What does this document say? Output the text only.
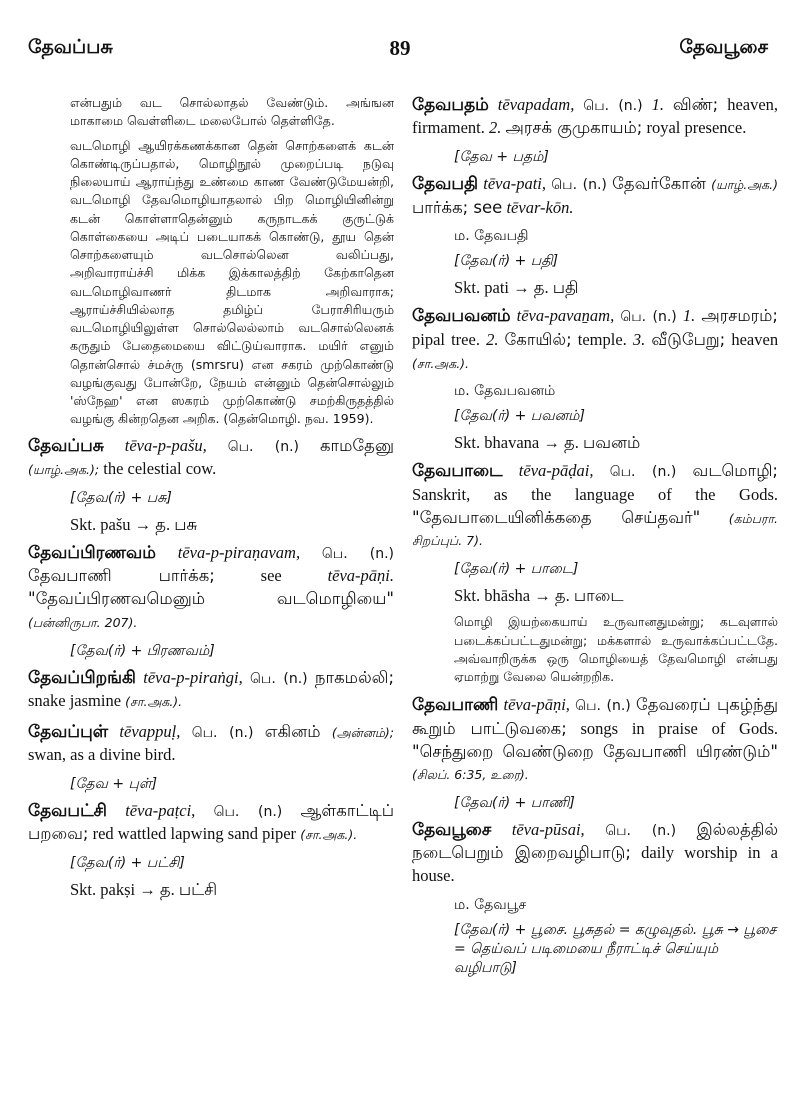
தேவப்பசு	89	தேவபூசை

என்பதும் வட சொல்லாதல் வேண்டும். அங்ஙன மாகாமை வெள்ளிடை மலைபோல் தெள்ளிதே.

வடமொழி ஆயிரக்கணக்கான தென் சொற்களைக் கடன் கொண்டிருப்பதால், மொழிநூல் முறைப்படி நடுவு நிலையாய் ஆராய்ந்து உண்மை காண வேண்டுமேயன்றி, வடமொழி தேவமொழியாதலால் பிற மொழியினின்று கடன் கொள்ளாதென்னும் கருநாடகக் குருட்டுக் கொள்கையை அடிப் படையாகக் கொண்டு, தூய தென் சொற்களையும் வடசொல்லென வலிப்பது, அறிவாராய்ச்சி மிக்க இக்காலத்திற் கேற்காதென வடமொழிவாணர் திடமாக அறிவாராக; ஆராய்ச்சியில்லாத தமிழ்ப் பேராசிரியரும் வடமொழியிலுள்ள சொல்லெல்லாம் வடசொல்லெனக் கருதும் பேதைமையை விட்டுய்வாராக. மயிர் எனும் தொன்சொல் ச்மச்ரு (smrsru) என சகரம் முற்கொண்டு வழங்குவது போன்றே, நேயம் என்னும் தென்சொல்லும் 'ஸ்நேஹ' என ஸகரம் முற்கொண்டு சமற்கிருதத்தில் வழங்கு கின்றதென அறிக. (தென்மொழி. நவ. 1959).

தேவப்பசு tēva-p-pašu, பெ. (n.) காமதேனு (யாழ்.அக.); the celestial cow.

[தேவ(ர்) + பசு]

Skt. pašu → த. பசு

தேவப்பிரணவம் tēva-p-piraṇavam, பெ. (n.) தேவபாணி பார்க்க;	see	tēva-pāṇi. "தேவப்பிரணவமெனும் வடமொழியை" (பன்னிருபா. 207).

[தேவ(ர்) + பிரணவம்]

தேவப்பிறங்கி tēva-p-piraṅgi, பெ. (n.) நாகமல்லி; snake jasmine (சா.அக.).

தேவப்புள் tēvappuḷ, பெ. (n.) எகினம் (அன்னம்); swan, as a divine bird.

[தேவ + புள்]

தேவபட்சி tēva-paṭci, பெ. (n.) ஆள்காட்டிப் பறவை; red wattled lapwing sand piper (சா.அக.).

[தேவ(ர்) + பட்சி]

Skt. pakṣi → த. பட்சி

தேவபதம் tēvapadam, பெ. (n.) 1. விண்; heaven, firmament. 2. அரசக் குமுகாயம்; royal presence.

[தேவ + பதம்]

தேவபதி tēva-pati, பெ. (n.) தேவர்கோன் (யாழ்.அக.) பார்க்க; see tēvar-kōn.

ம. தேவபதி

[தேவ(ர்) + பதி]

Skt. pati → த. பதி

தேவபவனம் tēva-pavaṉam, பெ. (n.) 1. அரசமரம்; pipal tree. 2. கோயில்; temple. 3. வீடுபேறு; heaven (சா.அக.).

ம. தேவபவனம்

[தேவ(ர்) + பவனம்]

Skt. bhavana → த. பவனம்

தேவபாடை tēva-pāḍai, பெ. (n.) வடமொழி; Sanskrit, as the language of the Gods. "தேவபாடையினிக்கதை செய்தவர்" (கம்பரா. சிறப்புப். 7).

[தேவ(ர்) + பாடை]

Skt. bhāsha → த. பாடை

மொழி இயற்கையாய் உருவானதுமன்று; கடவுளால் படைக்கப்பட்டதுமன்று; மக்களால் உருவாக்கப்பட்டதே. அவ்வாறிருக்க ஒரு மொழியைத் தேவமொழி என்பது ஏமாற்று வேலை யென்றறிக.

தேவபாணி tēva-pāṇi, பெ. (n.) தேவரைப் புகழ்ந்து கூறும் பாட்டுவகை; songs in praise of Gods. "செந்துறை வெண்டுறை தேவபாணி யிரண்டும்" (சிலப். 6:35, உரை).

[தேவ(ர்) + பாணி]

தேவபூசை tēva-pūsai, பெ. (n.) இல்லத்தில் நடைபெறும் இறைவழிபாடு; daily worship in a house.

ம. தேவபூச

[தேவ(ர்) + பூசை. பூசுதல் = கழுவுதல். பூசு → பூசை = தெய்வப் படிமையை நீராட்டிச் செய்யும் வழிபாடு]
